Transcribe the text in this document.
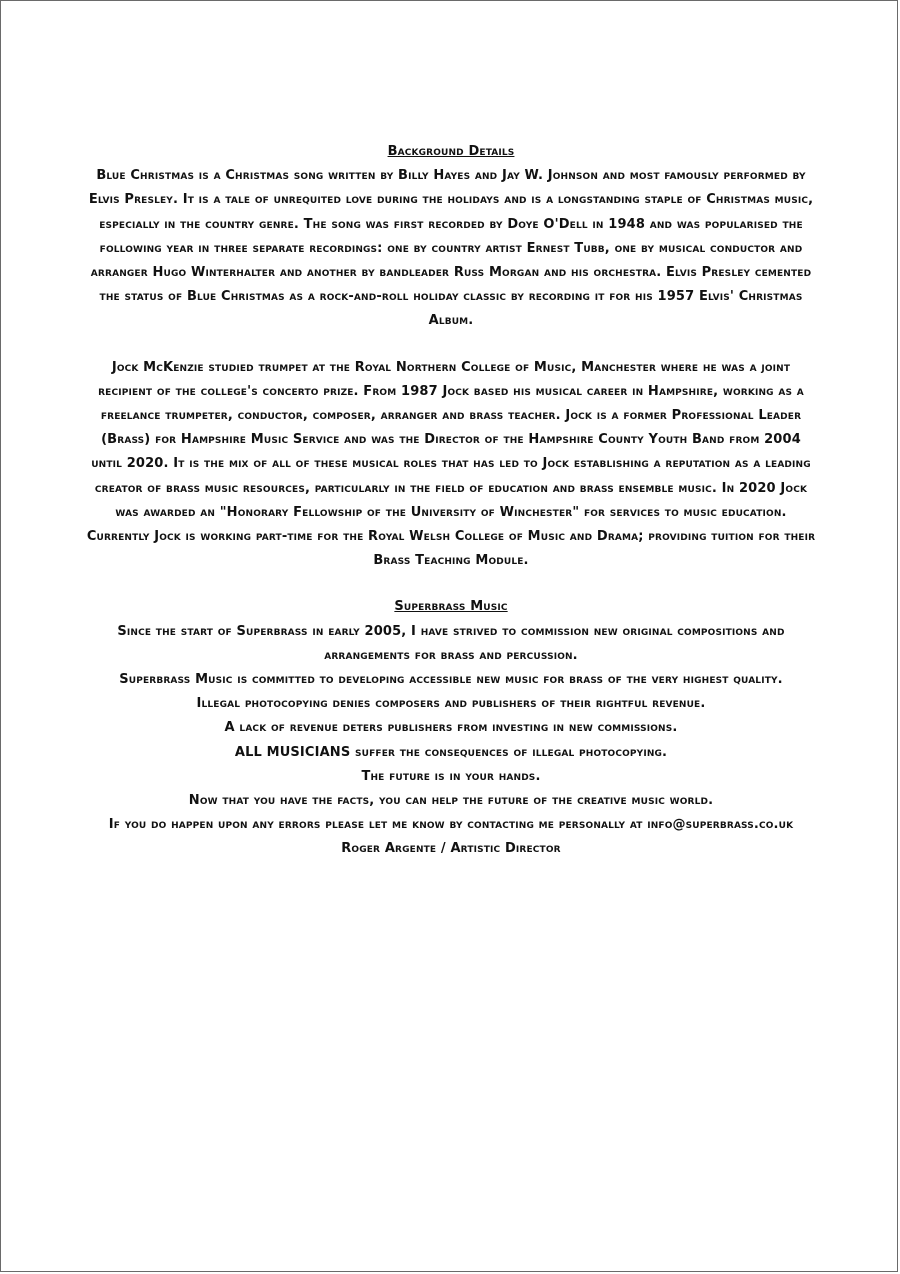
Background Details

Blue Christmas is a Christmas song written by Billy Hayes and Jay W. Johnson and most famously performed by Elvis Presley. It is a tale of unrequited love during the holidays and is a longstanding staple of Christmas music, especially in the country genre. The song was first recorded by Doye O'Dell in 1948 and was popularised the following year in three separate recordings: one by country artist Ernest Tubb, one by musical conductor and arranger Hugo Winterhalter and another by bandleader Russ Morgan and his orchestra. Elvis Presley cemented the status of Blue Christmas as a rock-and-roll holiday classic by recording it for his 1957 Elvis' Christmas Album.

Jock McKenzie studied trumpet at the Royal Northern College of Music, Manchester where he was a joint recipient of the college's concerto prize. From 1987 Jock based his musical career in Hampshire, working as a freelance trumpeter, conductor, composer, arranger and brass teacher. Jock is a former Professional Leader (Brass) for Hampshire Music Service and was the Director of the Hampshire County Youth Band from 2004 until 2020. It is the mix of all of these musical roles that has led to Jock establishing a reputation as a leading creator of brass music resources, particularly in the field of education and brass ensemble music. In 2020 Jock was awarded an "Honorary Fellowship of the University of Winchester" for services to music education. Currently Jock is working part-time for the Royal Welsh College of Music and Drama; providing tuition for their Brass Teaching Module.

Superbrass Music

Since the start of Superbrass in early 2005, I have strived to commission new original compositions and arrangements for brass and percussion.

Superbrass Music is committed to developing accessible new music for brass of the very highest quality.

Illegal photocopying denies composers and publishers of their rightful revenue.

A lack of revenue deters publishers from investing in new commissions.

ALL MUSICIANS suffer the consequences of illegal photocopying.

The future is in your hands.

Now that you have the facts, you can help the future of the creative music world.

If you do happen upon any errors please let me know by contacting me personally at info@superbrass.co.uk

Roger Argente / Artistic Director
